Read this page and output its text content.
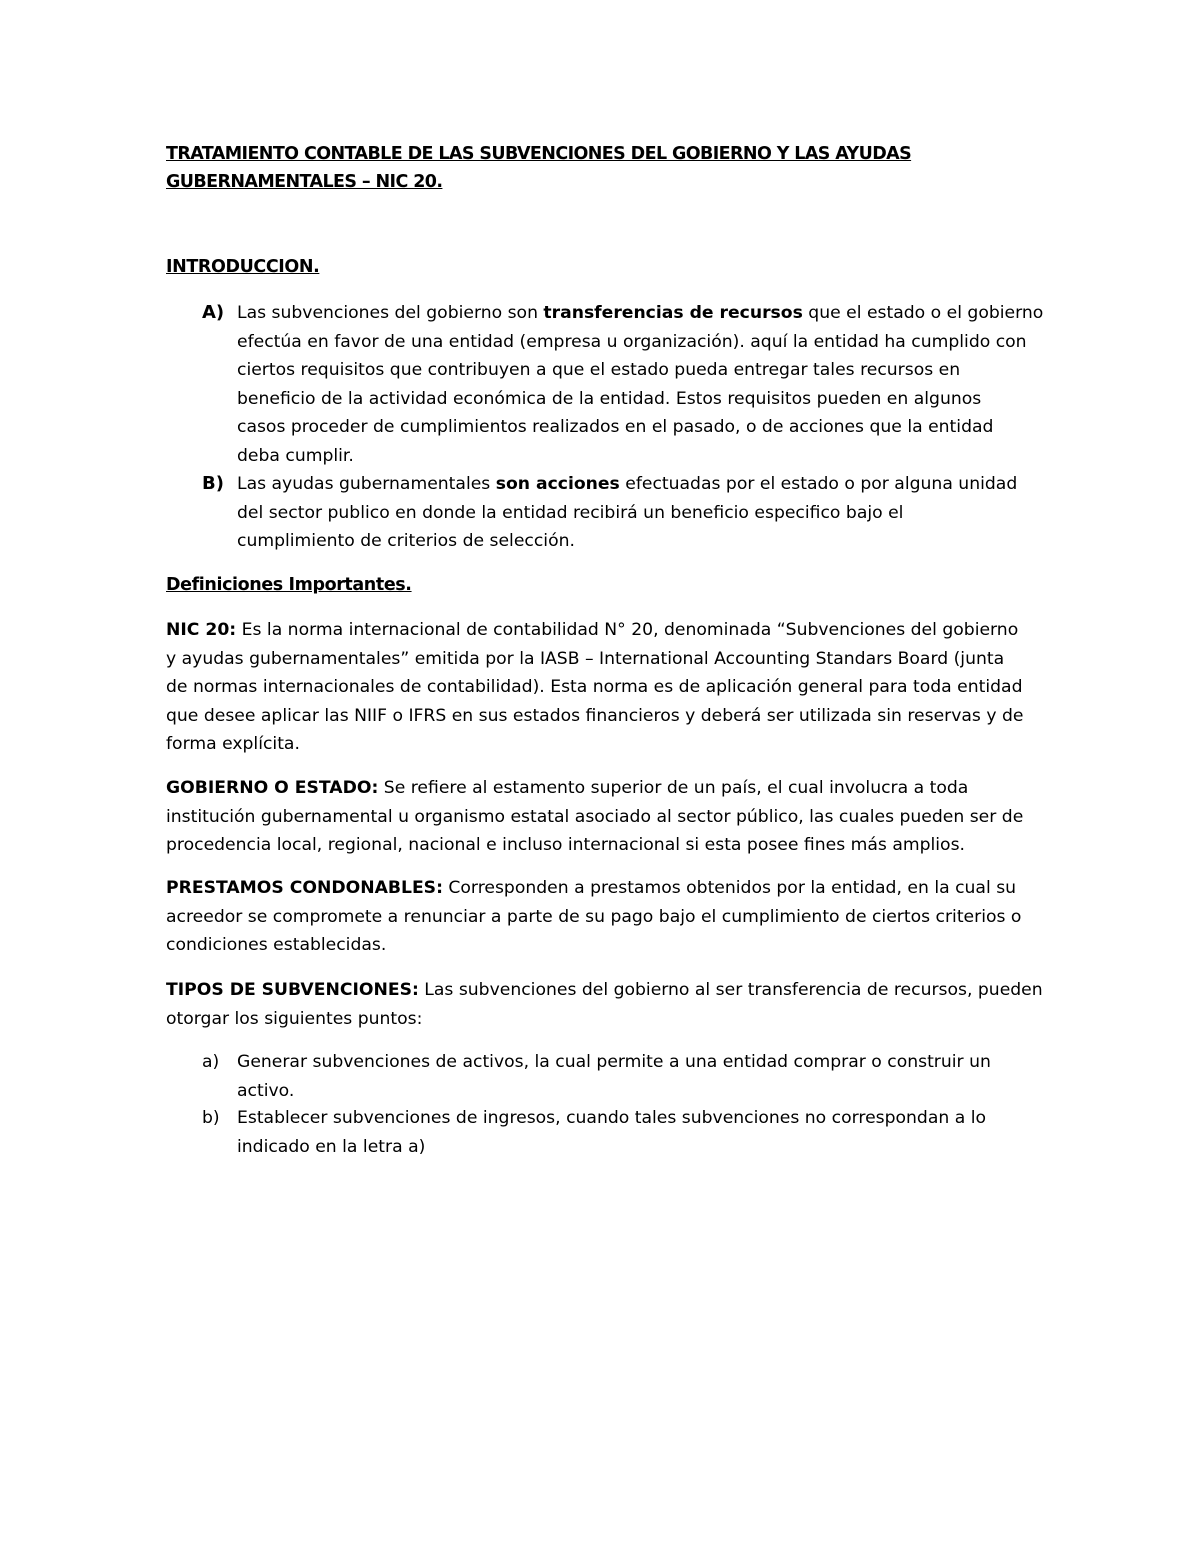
TRATAMIENTO CONTABLE DE LAS SUBVENCIONES DEL GOBIERNO Y LAS AYUDAS
GUBERNAMENTALES – NIC 20.
INTRODUCCION.
A) Las subvenciones del gobierno son transferencias de recursos que el estado o el gobierno
efectúa en favor de una entidad (empresa u organización). aquí la entidad ha cumplido con
ciertos requisitos que contribuyen a que el estado pueda entregar tales recursos en
beneficio de la actividad económica de la entidad. Estos requisitos pueden en algunos
casos proceder de cumplimientos realizados en el pasado, o de acciones que la entidad
deba cumplir.
B) Las ayudas gubernamentales son acciones efectuadas por el estado o por alguna unidad
del sector publico en donde la entidad recibirá un beneficio especifico bajo el
cumplimiento de criterios de selección.
Definiciones Importantes.
NIC 20: Es la norma internacional de contabilidad N° 20, denominada “Subvenciones del gobierno
y ayudas gubernamentales” emitida por la IASB – International Accounting Standars Board (junta
de normas internacionales de contabilidad). Esta norma es de aplicación general para toda entidad
que desee aplicar las NIIF o IFRS en sus estados financieros y deberá ser utilizada sin reservas y de
forma explícita.
GOBIERNO O ESTADO: Se refiere al estamento superior de un país, el cual involucra a toda
institución gubernamental u organismo estatal asociado al sector público, las cuales pueden ser de
procedencia local, regional, nacional e incluso internacional si esta posee fines más amplios.
PRESTAMOS CONDONABLES: Corresponden a prestamos obtenidos por la entidad, en la cual su
acreedor se compromete a renunciar a parte de su pago bajo el cumplimiento de ciertos criterios o
condiciones establecidas.
TIPOS DE SUBVENCIONES: Las subvenciones del gobierno al ser transferencia de recursos, pueden
otorgar los siguientes puntos:
a) Generar subvenciones de activos, la cual permite a una entidad comprar o construir un
activo.
b) Establecer subvenciones de ingresos, cuando tales subvenciones no correspondan a lo
indicado en la letra a)
